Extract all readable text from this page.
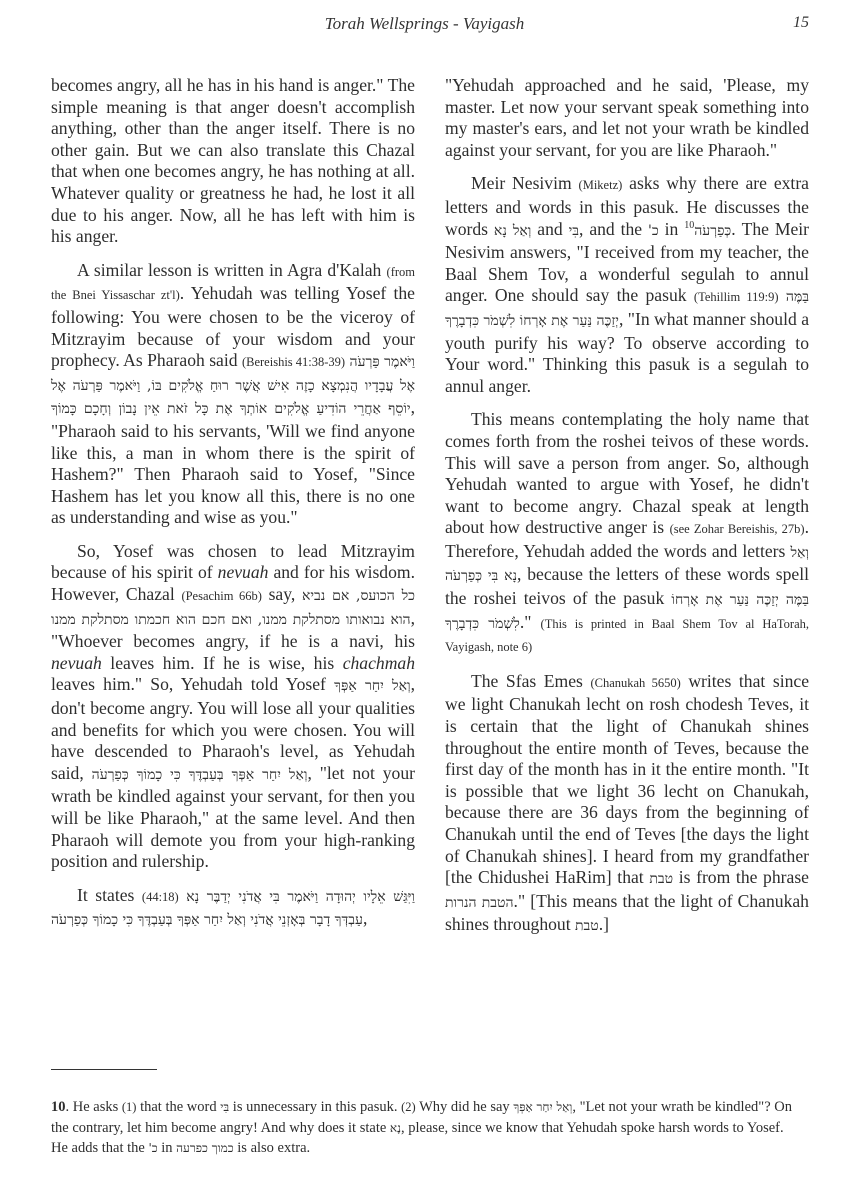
Torah Wellsprings - Vayigash	15

becomes angry, all he has in his hand is anger." The simple meaning is that anger doesn't accomplish anything, other than the anger itself. There is no other gain. But we can also translate this Chazal that when one becomes angry, he has nothing at all. Whatever quality or greatness he had, he lost it all due to his anger. Now, all he has left with him is his anger.

A similar lesson is written in Agra d'Kalah (from the Bnei Yissaschar zt'l). Yehudah was telling Yosef the following: You were chosen to be the viceroy of Mitzrayim because of your wisdom and your prophecy. As Pharaoh said (Bereishis 41:38-39) וַיֹּאמֶר פַּרְעֹה אֶל עֲבָדָיו הֲנִמְצָא כָזֶה אִישׁ אֲשֶׁר רוּחַ אֱלֹקִים בּוֹ, וַיֹּאמֶר פַּרְעֹה אֶל יוֹסֵף אַחֲרֵי הוֹדִיעַ אֱלֹקִים אוֹתְךָ אֶת כָּל זֹאת אֵין נָבוֹן וְחָכָם כָּמוֹךָ, "Pharaoh said to his servants, 'Will we find anyone like this, a man in whom there is the spirit of Hashem?" Then Pharaoh said to Yosef, "Since Hashem has let you know all this, there is no one as understanding and wise as you."

So, Yosef was chosen to lead Mitzrayim because of his spirit of nevuah and for his wisdom. However, Chazal (Pesachim 66b) say, כל הכועס, אם נביא הוא נבואותו מסתלקת ממנו, ואם חכם הוא חכמתו מסתלקת ממנו, "Whoever becomes angry, if he is a navi, his nevuah leaves him. If he is wise, his chachmah leaves him." So, Yehudah told Yosef וְאַל יִחַר אַפְּךָ, don't become angry. You will lose all your qualities and benefits for which you were chosen. You will have descended to Pharaoh's level, as Yehudah said, וְאַל יִחַר אַפְּךָ בְּעַבְדֶּךָ כִּי כָמוֹךָ כְּפַרְעֹה, "let not your wrath be kindled against your servant, for then you will be like Pharaoh," at the same level. And then Pharaoh will demote you from your high-ranking position and rulership.

It states (44:18) וַיִּגַּשׁ אֵלָיו יְהוּדָה וַיֹּאמֶר בִּי אֲדֹנִי יְדַבֶּר נָא עַבְדְּךָ דָבָר בְּאָזְנֵי אֲדֹנִי וְאַל יִחַר אַפְּךָ בְּעַבְדֶּךָ כִּי כָמוֹךָ כְּפַרְעֹה,

"Yehudah approached and he said, 'Please, my master. Let now your servant speak something into my master's ears, and let not your wrath be kindled against your servant, for you are like Pharaoh."

Meir Nesivim (Miketz) asks why there are extra letters and words in this pasuk. He discusses the words וְאַל נָא and בִּי, and the כ' in $^{10}$כְּפַרְעֹה. The Meir Nesivim answers, "I received from my teacher, the Baal Shem Tov, a wonderful segulah to annul anger. One should say the pasuk (Tehillim 119:9) בַּמֶּה יְזַכֶּה נַּעַר אֶת אָרְחוֹ לִשְׁמֹר כִּדְבָרֶךָ, "In what manner should a youth purify his way? To observe according to Your word." Thinking this pasuk is a segulah to annul anger.

This means contemplating the holy name that comes forth from the roshei teivos of these words. This will save a person from anger. So, although Yehudah wanted to argue with Yosef, he didn't want to become angry. Chazal speak at length about how destructive anger is (see Zohar Bereishis, 27b). Therefore, Yehudah added the words and letters וְאַל נָא בִּי כְּפַרְעֹה, because the letters of these words spell the roshei teivos of the pasuk בַּמֶּה יְזַכֶּה נַּעַר אֶת אָרְחוֹ לִשְׁמֹר כִּדְבָרֶךָ." (This is printed in Baal Shem Tov al HaTorah, Vayigash, note 6)

The Sfas Emes (Chanukah 5650) writes that since we light Chanukah lecht on rosh chodesh Teves, it is certain that the light of Chanukah shines throughout the entire month of Teves, because the first day of the month has in it the entire month. "It is possible that we light 36 lecht on Chanukah, because there are 36 days from the beginning of Chanukah until the end of Teves [the days the light of Chanukah shines]. I heard from my grandfather [the Chidushei HaRim] that טבת is from the phrase הטבת הנרות." [This means that the light of Chanukah shines throughout טבת.]

10. He asks (1) that the word בִּי is unnecessary in this pasuk. (2) Why did he say וְאַל יִחַר אַפְּךָ, "Let not your wrath be kindled"? On the contrary, let him become angry! And why does it state נָא, please, since we know that Yehudah spoke harsh words to Yosef. He adds that the כ' in כמוך כפרעה is also extra.
